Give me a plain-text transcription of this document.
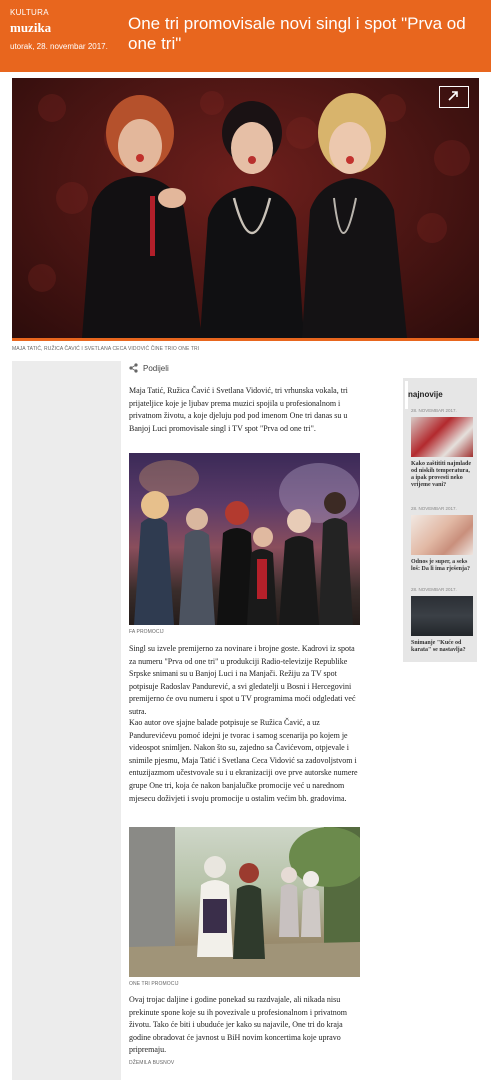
KULTURA
muzika
utorak, 28. novembar 2017.
One tri promovisale novi singl i spot "Prva od one tri"
MAJA TATIĆ, RUŽICA ČAVIĆ I SVETLANA CECA VIDOVIĆ ČINE TRIO ONE TRI
Podijeli

Maja Tatić, Ružica Čavić i Svetlana Vidović, tri vrhunska vokala, tri prijateljice koje je ljubav prema muzici spojila u profesionalnom i privatnom životu, a koje djeluju pod pod imenom One tri danas su u Banjoj Luci promovisale singl i TV spot "Prva od one tri".

FA PROMOCIJ

Singl su izvele premijerno za novinare i brojne goste. Kadrovi iz spota za numeru "Prva od one tri" u produkciji Radio-televizije Republike Srpske snimani su u Banjoj Luci i na Manjači. Režiju za TV spot potpisuje Radoslav Pandurević, a svi gledatelji u Bosni i Hercegovini premijerno će ovu numeru i spot u TV programima moći odgledati već sutra.

Kao autor ove sjajne balade potpisuje se Ružica Čavić, a uz Pandurevićevu pomoć idejni je tvorac i samog scenarija po kojem je videospot snimljen. Nakon što su, zajedno sa Čavićevom, otpjevale i snimile pjesmu, Maja Tatić i Svetlana Ceca Vidović sa zadovoljstvom i entuzijazmom učestvovale su i u ekranizaciji ove prve autorske numere grupe One tri, koja će nakon banjalučke promocije već u narednom mjesecu doživjeti i svoju promocije u ostalim većim bh. gradovima.

ONE TRI PROMOCIJ

Ovaj trojac daljine i godine ponekad su razdvajale, ali nikada nisu prekinute spone koje su ih povezivale u profesionalnom i privatnom životu. Tako će biti i ubuduće jer kako su najavile, One tri do kraja godine obradovat će javnost u BiH novim koncertima koje upravo pripremaju.

DŽEMILA BUSNOV
najnovije
28. NOVEMBAR 2017.
Kako zaštititi najmlađe od niskih temperatura, a ipak provesti neko vrijeme vani?
28. NOVEMBAR 2017.
Odnos je super, a seks loš: Da li ima rješenja?
28. NOVEMBAR 2017.
Snimanje "Kuće od karata" se nastavlja?
